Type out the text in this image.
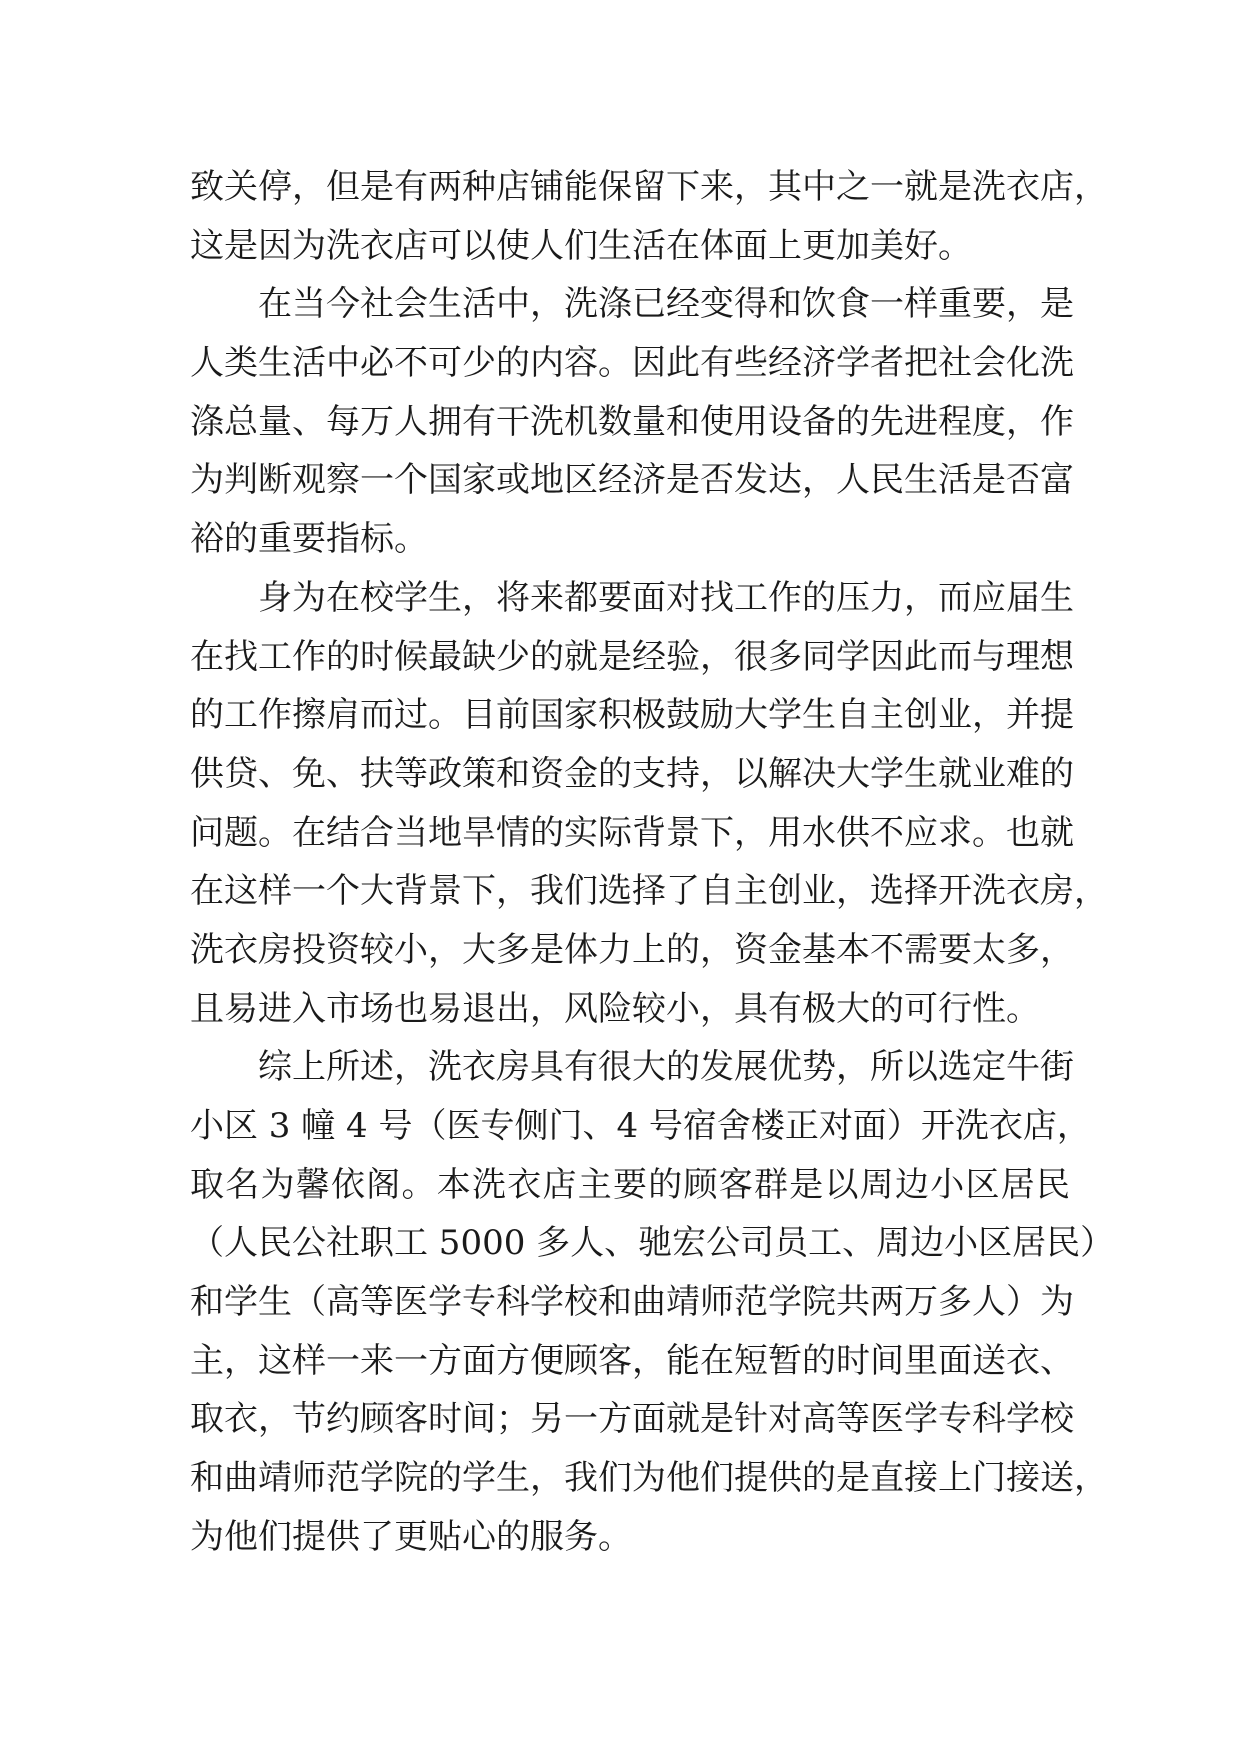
致关停，但是有两种店铺能保留下来，其中之一就是洗衣店，
这是因为洗衣店可以使人们生活在体面上更加美好。
在当今社会生活中，洗涤已经变得和饮食一样重要，是
人类生活中必不可少的内容。因此有些经济学者把社会化洗
涤总量、每万人拥有干洗机数量和使用设备的先进程度，作
为判断观察一个国家或地区经济是否发达，人民生活是否富
裕的重要指标。
身为在校学生，将来都要面对找工作的压力，而应届生
在找工作的时候最缺少的就是经验，很多同学因此而与理想
的工作擦肩而过。目前国家积极鼓励大学生自主创业，并提
供贷、免、扶等政策和资金的支持，以解决大学生就业难的
问题。在结合当地旱情的实际背景下，用水供不应求。也就
在这样一个大背景下，我们选择了自主创业，选择开洗衣房，
洗衣房投资较小，大多是体力上的，资金基本不需要太多，
且易进入市场也易退出，风险较小，具有极大的可行性。
综上所述，洗衣房具有很大的发展优势，所以选定牛街
小区 3 幢 4 号（医专侧门、4 号宿舍楼正对面）开洗衣店，
取名为馨依阁。本洗衣店主要的顾客群是以周边小区居民
（人民公社职工 5000 多人、驰宏公司员工、周边小区居民）
和学生（高等医学专科学校和曲靖师范学院共两万多人）为
主，这样一来一方面方便顾客，能在短暂的时间里面送衣、
取衣，节约顾客时间；另一方面就是针对高等医学专科学校
和曲靖师范学院的学生，我们为他们提供的是直接上门接送，
为他们提供了更贴心的服务。
